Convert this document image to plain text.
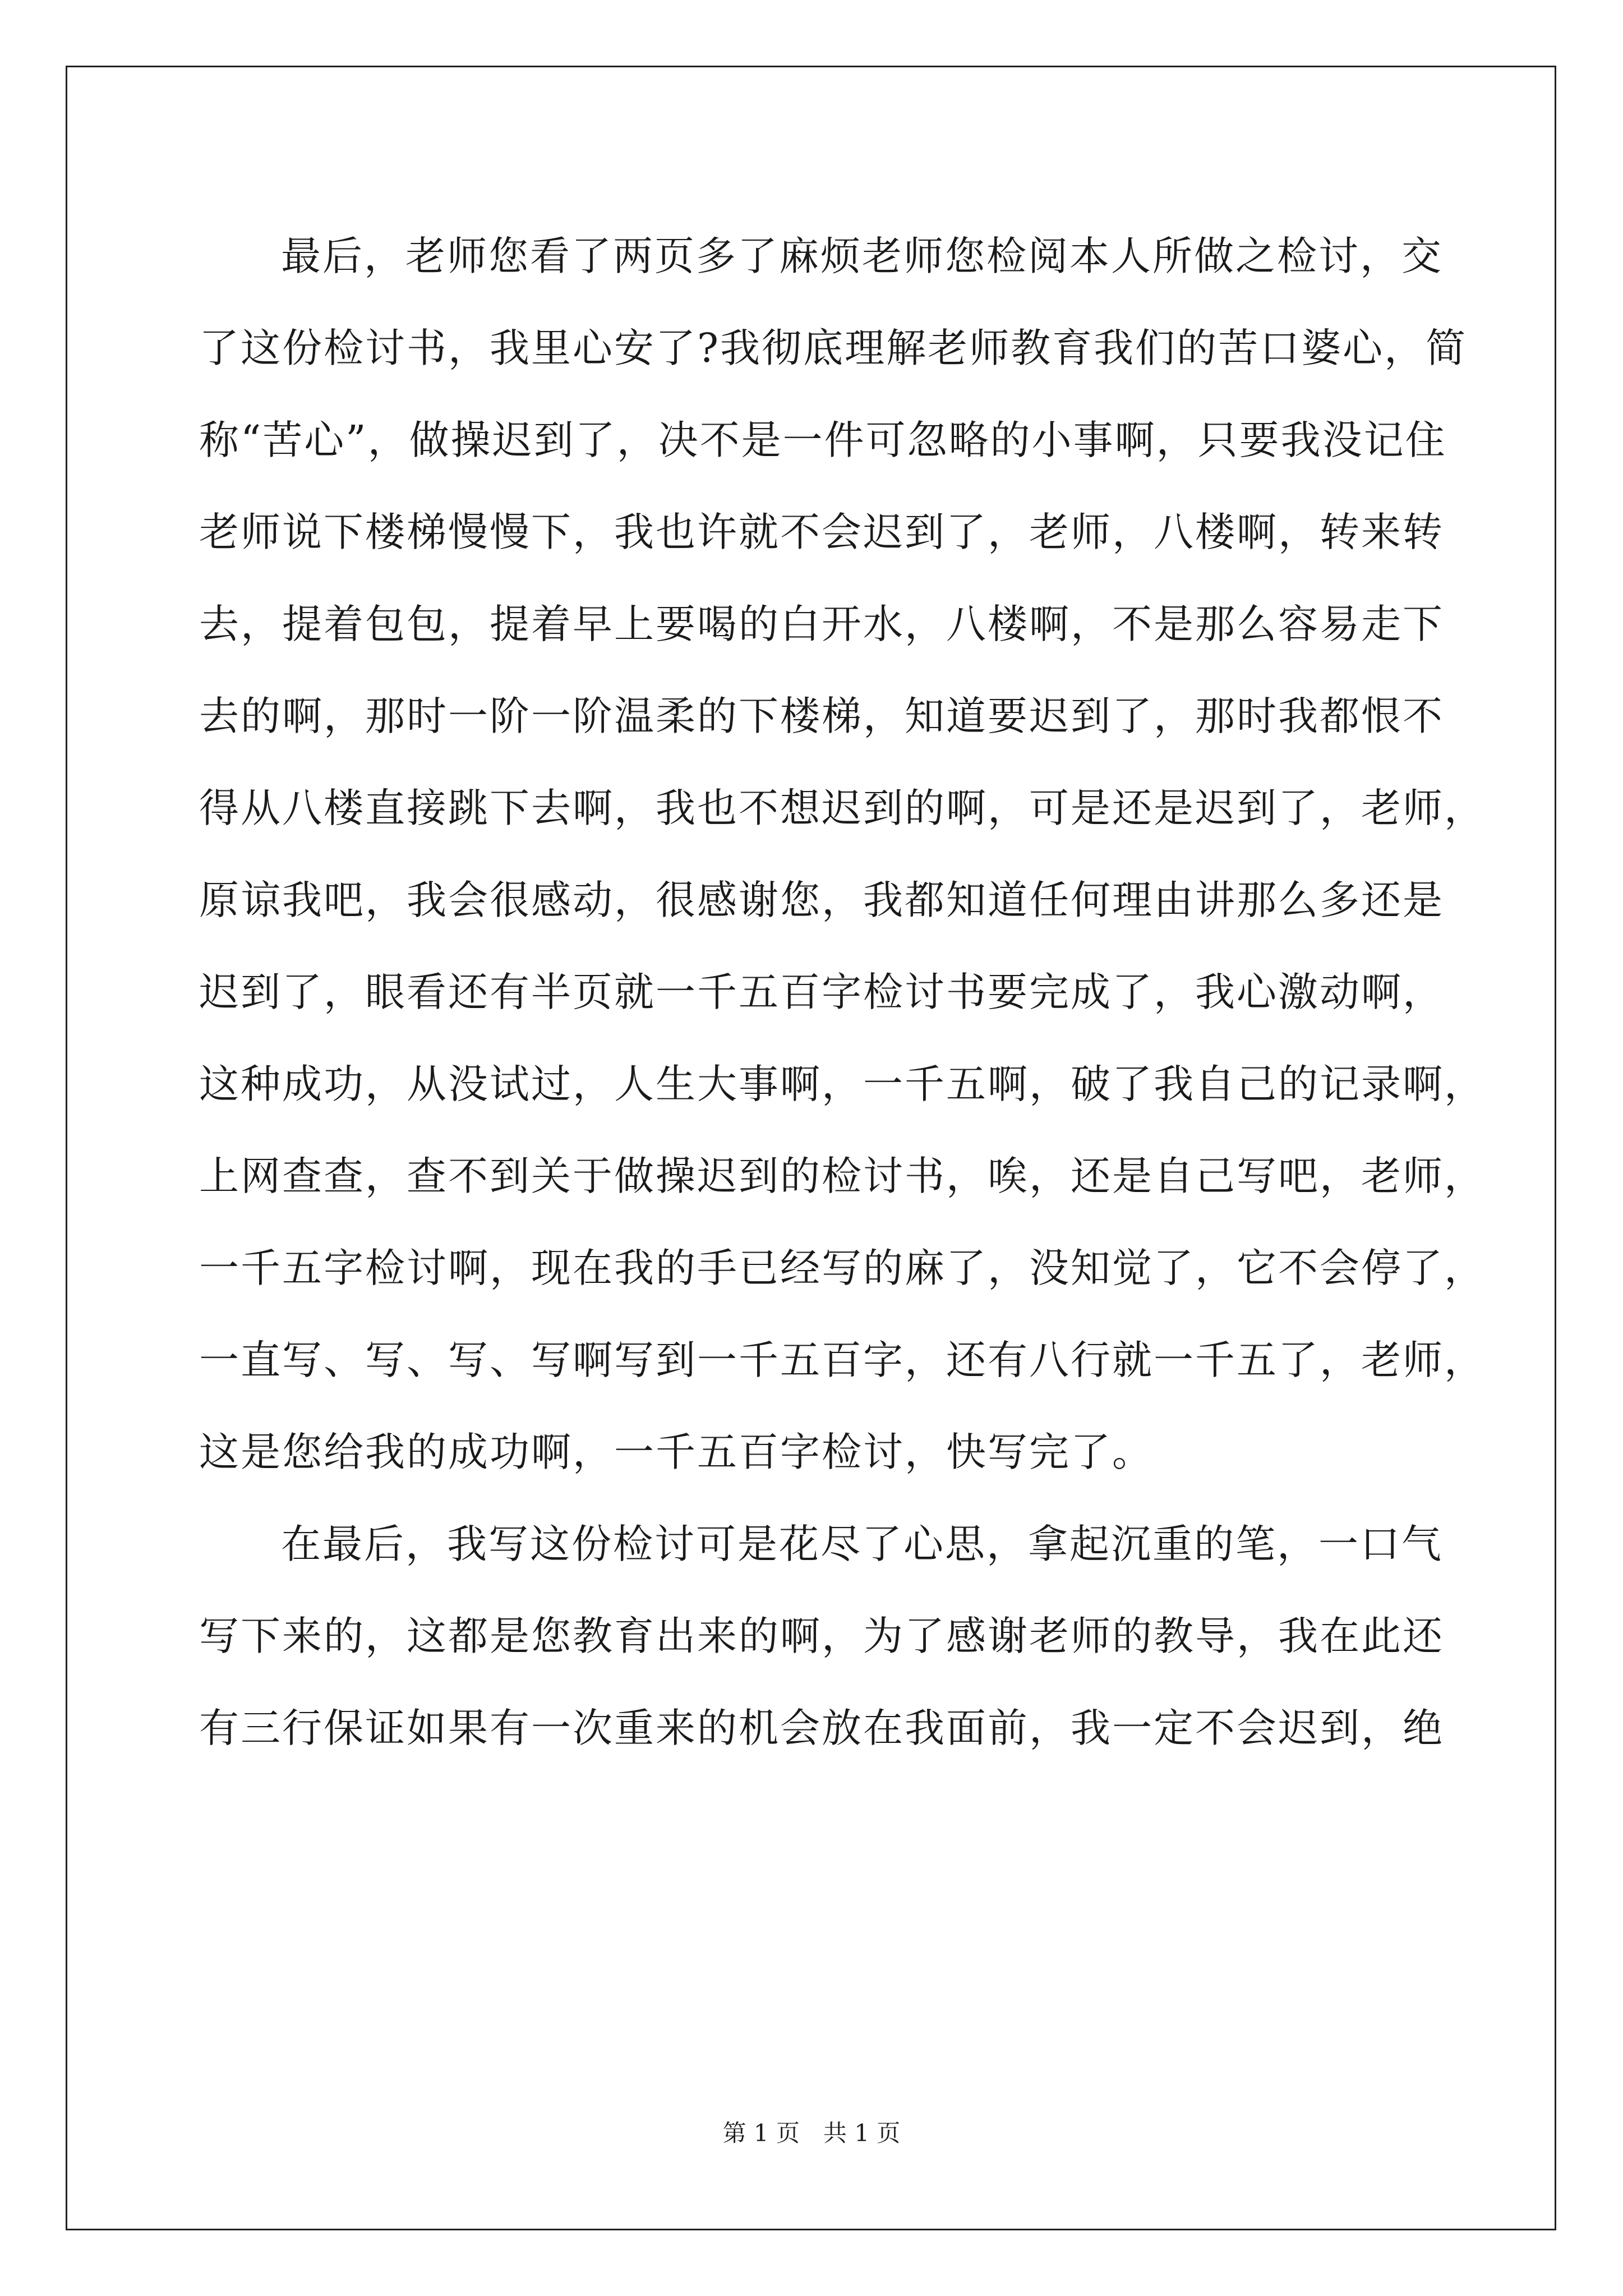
最后，老师您看了两页多了麻烦老师您检阅本人所做之检讨，交
了这份检讨书，我里心安了?我彻底理解老师教育我们的苦口婆心，简
称“苦心”，做操迟到了，决不是一件可忽略的小事啊，只要我没记住
老师说下楼梯慢慢下，我也许就不会迟到了，老师，八楼啊，转来转
去，提着包包，提着早上要喝的白开水，八楼啊，不是那么容易走下
去的啊，那时一阶一阶温柔的下楼梯，知道要迟到了，那时我都恨不
得从八楼直接跳下去啊，我也不想迟到的啊，可是还是迟到了，老师，
原谅我吧，我会很感动，很感谢您，我都知道任何理由讲那么多还是
迟到了，眼看还有半页就一千五百字检讨书要完成了，我心激动啊，
这种成功，从没试过，人生大事啊，一千五啊，破了我自己的记录啊，
上网查查，查不到关于做操迟到的检讨书，唉，还是自己写吧，老师，
一千五字检讨啊，现在我的手已经写的麻了，没知觉了，它不会停了，
一直写、写、写、写啊写到一千五百字，还有八行就一千五了，老师，
这是您给我的成功啊，一千五百字检讨，快写完了。
在最后，我写这份检讨可是花尽了心思，拿起沉重的笔，一口气
写下来的，这都是您教育出来的啊，为了感谢老师的教导，我在此还
有三行保证如果有一次重来的机会放在我面前，我一定不会迟到，绝
第 1 页 共 1 页
